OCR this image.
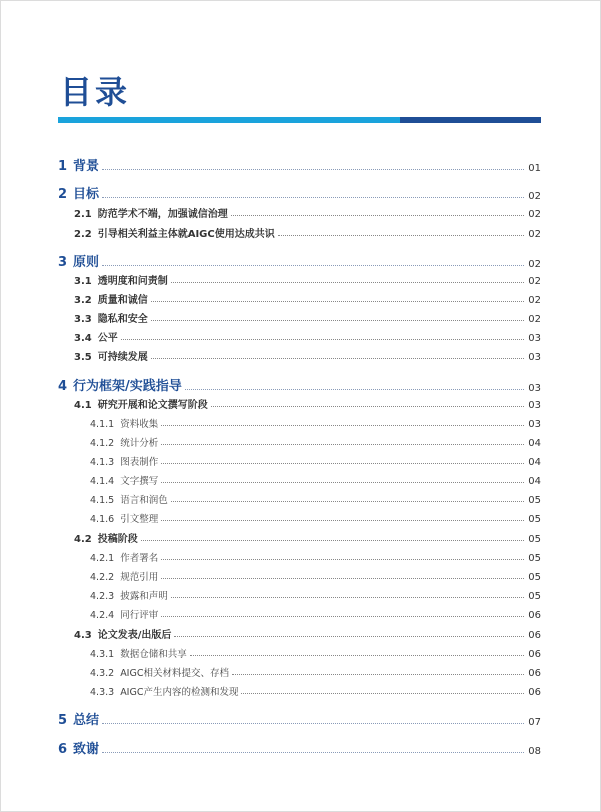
目录
1 背景	01
2 目标	02
2.1 防范学术不端，加强诚信治理	02
2.2 引导相关利益主体就AIGC使用达成共识	02
3 原则	02
3.1 透明度和问责制	02
3.2 质量和诚信	02
3.3 隐私和安全	02
3.4 公平	03
3.5 可持续发展	03
4 行为框架/实践指导	03
4.1 研究开展和论文撰写阶段	03
4.1.1 资料收集	03
4.1.2 统计分析	04
4.1.3 图表制作	04
4.1.4 文字撰写	04
4.1.5 语言和润色	05
4.1.6 引文整理	05
4.2 投稿阶段	05
4.2.1 作者署名	05
4.2.2 规范引用	05
4.2.3 披露和声明	05
4.2.4 同行评审	06
4.3 论文发表/出版后	06
4.3.1 数据仓储和共享	06
4.3.2 AIGC相关材料提交、存档	06
4.3.3 AIGC产生内容的检测和发现	06
5 总结	07
6 致谢	08
